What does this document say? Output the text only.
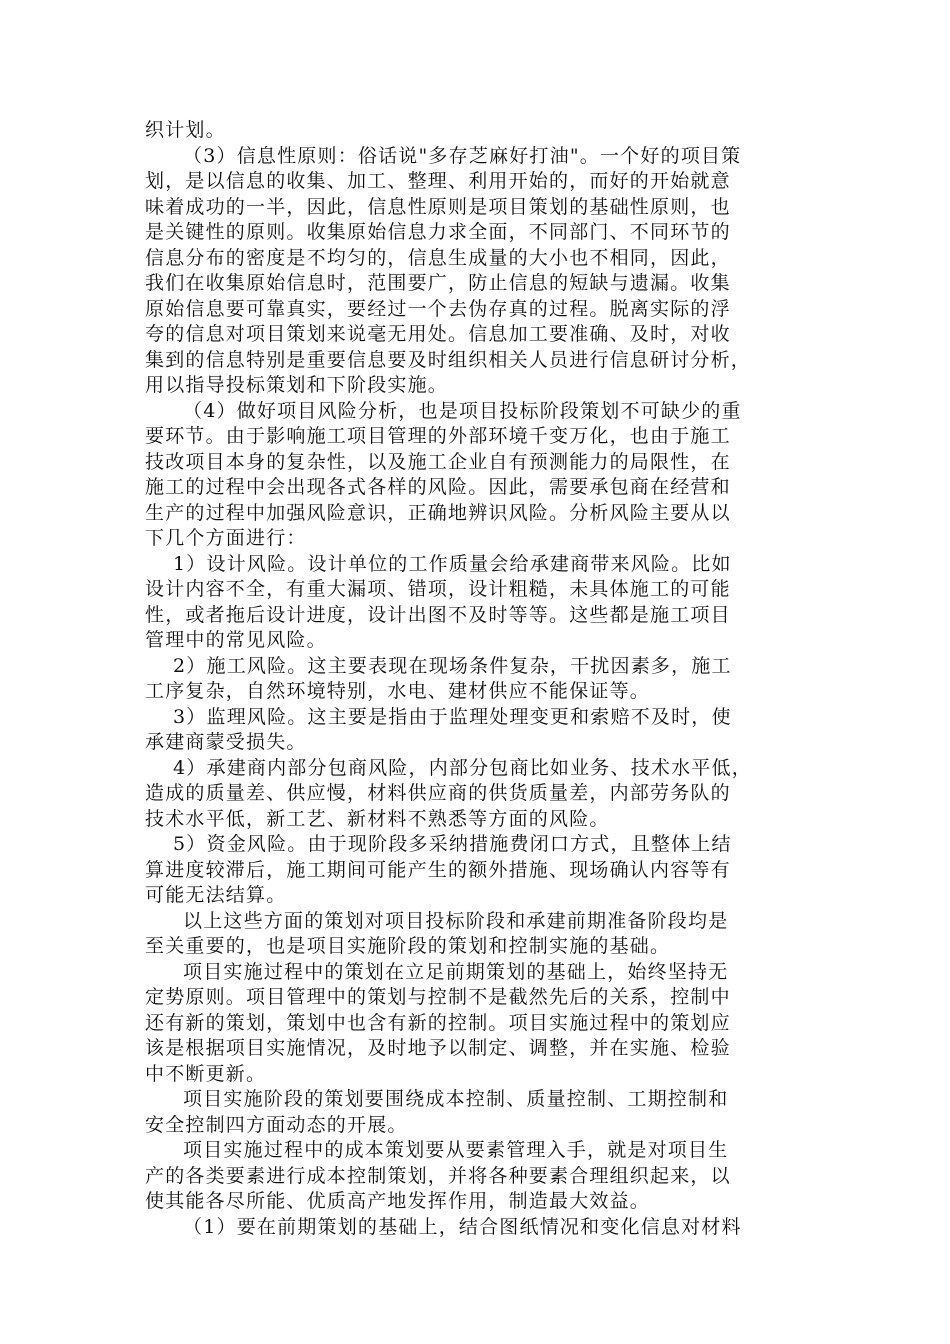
织计划。
（3）信息性原则：俗话说"多存芝麻好打油"。一个好的项目策
划，是以信息的收集、加工、整理、利用开始的，而好的开始就意
味着成功的一半，因此，信息性原则是项目策划的基础性原则，也
是关键性的原则。收集原始信息力求全面，不同部门、不同环节的
信息分布的密度是不均匀的，信息生成量的大小也不相同，因此，
我们在收集原始信息时，范围要广，防止信息的短缺与遗漏。收集
原始信息要可靠真实，要经过一个去伪存真的过程。脱离实际的浮
夸的信息对项目策划来说毫无用处。信息加工要准确、及时，对收
集到的信息特别是重要信息要及时组织相关人员进行信息研讨分析，
用以指导投标策划和下阶段实施。
（4）做好项目风险分析，也是项目投标阶段策划不可缺少的重
要环节。由于影响施工项目管理的外部环境千变万化，也由于施工
技改项目本身的复杂性，以及施工企业自有预测能力的局限性，在
施工的过程中会出现各式各样的风险。因此，需要承包商在经营和
生产的过程中加强风险意识，正确地辨识风险。分析风险主要从以
下几个方面进行：
1）设计风险。设计单位的工作质量会给承建商带来风险。比如
设计内容不全，有重大漏项、错项，设计粗糙，未具体施工的可能
性，或者拖后设计进度，设计出图不及时等等。这些都是施工项目
管理中的常见风险。
2）施工风险。这主要表现在现场条件复杂，干扰因素多，施工
工序复杂，自然环境特别，水电、建材供应不能保证等。
3）监理风险。这主要是指由于监理处理变更和索赔不及时，使
承建商蒙受损失。
4）承建商内部分包商风险，内部分包商比如业务、技术水平低，
造成的质量差、供应慢，材料供应商的供货质量差，内部劳务队的
技术水平低，新工艺、新材料不熟悉等方面的风险。
5）资金风险。由于现阶段多采纳措施费闭口方式，且整体上结
算进度较滞后，施工期间可能产生的额外措施、现场确认内容等有
可能无法结算。
以上这些方面的策划对项目投标阶段和承建前期准备阶段均是
至关重要的，也是项目实施阶段的策划和控制实施的基础。
项目实施过程中的策划在立足前期策划的基础上，始终坚持无
定势原则。项目管理中的策划与控制不是截然先后的关系，控制中
还有新的策划，策划中也含有新的控制。项目实施过程中的策划应
该是根据项目实施情况，及时地予以制定、调整，并在实施、检验
中不断更新。
项目实施阶段的策划要围绕成本控制、质量控制、工期控制和
安全控制四方面动态的开展。
项目实施过程中的成本策划要从要素管理入手，就是对项目生
产的各类要素进行成本控制策划，并将各种要素合理组织起来，以
使其能各尽所能、优质高产地发挥作用，制造最大效益。
（1）要在前期策划的基础上，结合图纸情况和变化信息对材料
